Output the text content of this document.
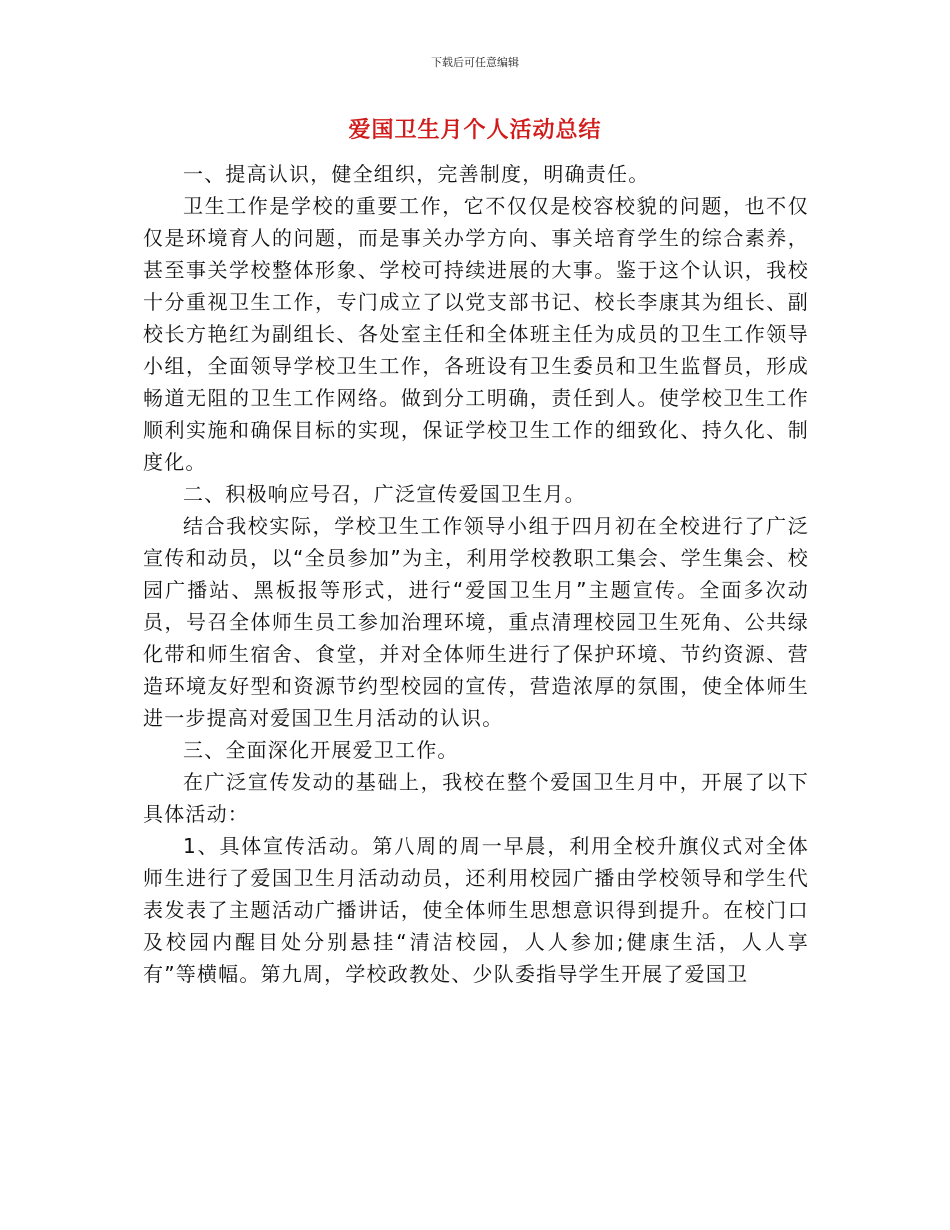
下载后可任意编辑
爱国卫生月个人活动总结

一、提高认识，健全组织，完善制度，明确责任。

卫生工作是学校的重要工作，它不仅仅是校容校貌的问题，也不仅仅是环境育人的问题，而是事关办学方向、事关培育学生的综合素养，甚至事关学校整体形象、学校可持续进展的大事。鉴于这个认识，我校十分重视卫生工作，专门成立了以党支部书记、校长李康其为组长、副校长方艳红为副组长、各处室主任和全体班主任为成员的卫生工作领导小组，全面领导学校卫生工作，各班设有卫生委员和卫生监督员，形成畅道无阻的卫生工作网络。做到分工明确，责任到人。使学校卫生工作顺利实施和确保目标的实现，保证学校卫生工作的细致化、持久化、制度化。

二、积极响应号召，广泛宣传爱国卫生月。

结合我校实际，学校卫生工作领导小组于四月初在全校进行了广泛宣传和动员，以“全员参加”为主，利用学校教职工集会、学生集会、校园广播站、黑板报等形式，进行“爱国卫生月”主题宣传。全面多次动员，号召全体师生员工参加治理环境，重点清理校园卫生死角、公共绿化带和师生宿舍、食堂，并对全体师生进行了保护环境、节约资源、营造环境友好型和资源节约型校园的宣传，营造浓厚的氛围，使全体师生进一步提高对爱国卫生月活动的认识。

三、全面深化开展爱卫工作。

在广泛宣传发动的基础上，我校在整个爱国卫生月中，开展了以下具体活动：

1、具体宣传活动。第八周的周一早晨，利用全校升旗仪式对全体师生进行了爱国卫生月活动动员，还利用校园广播由学校领导和学生代表发表了主题活动广播讲话，使全体师生思想意识得到提升。在校门口及校园内醒目处分别悬挂“清洁校园，人人参加;健康生活，人人享有”等横幅。第九周，学校政教处、少队委指导学生开展了爱国卫
